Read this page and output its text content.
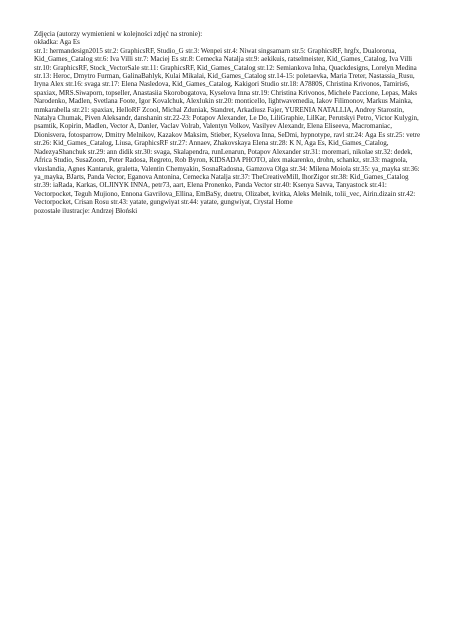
Zdjęcia (autorzy wymienieni w kolejności zdjęć na stronie):

okładka: Aga Es

str.1: hermandesign2015 str.2: GraphicsRF, Studio_G str.3: Wenpei str.4: Niwat singsamarn str.5: GraphicsRF, hrgfx, Dualororua, Kid_Games_Catalog str.6: Iva Villi str.7: Maciej Es str.8: Cemecka Natalja str.9: aekikuis, ratselmeister, Kid_Games_Catalog, Iva Villi str.10: GraphicsRF, Stock_VectorSale str.11: GraphicsRF, Kid_Games_Catalog str.12: Semiankova Inha, Quackdesigns, Lorelyn Medina str.13: Heroc, Dmytro Furman, GalinaBahlyk, Kulai Mikalai, Kid_Games_Catalog str.14-15: poletaevka, Maria Treter, Nastassia_Rusu, Iryna Alex str.16: svaga str.17: Elena Nasledova, Kid_Games_Catalog, Kakigori Studio str.18: A7880S, Christina Krivonos, Tamiris6, spaxiax, MRS.Siwaporn, topseller, Anastasiia Skorobogatova, Kyselova Inna str.19: Christina Krivonos, Michele Paccione, Lepas, Maks Narodenko, Madlen, Svetlana Foote, Igor Kovalchuk, Alexlukin str.20: monticello, lightwavemedia, Iakov Filimonov, Markus Mainka, mmkarabella str.21: spaxiax, HelloRF Zcool, Michal Zduniak, Standret, Arkadiusz Fajer, YURENIA NATALLIA, Andrey Starostin, Natalya Chumak, Piven Aleksandr, danshanin str.22-23: Potapov Alexander, Le Do, LiliGraphie, LilKar, Perutskyi Petro, Victor Kulygin, psamtik, Kopirin, Madlen, Vector A, Danler, Vaclav Volrab, Valentyn Volkov, Vasilyev Alexandr, Elena Eliseeva, Macromaniac, Dionisvera, fotosparrow, Dmitry Melnikov, Kazakov Maksim, Stieber, Kyselova Inna, SeDmi, hypnotype, ravl str.24: Aga Es str.25: vetre str.26: Kid_Games_Catalog, Liusa, GraphicsRF str.27: Annaev, Zhakovskaya Elena str.28: K N, Aga Es, Kid_Games_Catalog, NadezyaShanchuk str.29: ann didik str.30: svaga, Skalapendra, runLenarun, Potapov Alexander str.31: moremari, nikolae str.32: dedek, Africa Studio, SusaZoom, Peter Radosa, Regreto, Rob Byron, KIDSADA PHOTO, alex makarenko, drohn, schankz, str.33: magnola, vkuslandia, Agnes Kantaruk, graletta, Valentin Chemyakin, SosnaRadosna, Gamzova Olga str.34: Milena Moiola str.35: ya_mayka str.36: ya_mayka, BJarts, Panda Vector, Eganova Antonina, Cemecka Natalja str.37: TheCreativeMill, IhorZigor str.38: Kid_Games_Catalog str.39: iaRada, Karkas, OLJINYK INNA, petr73, aart, Elena Pronenko, Panda Vector str.40: Ksenya Savva, Tanyastock str.41: Vectorpocket, Teguh Mujiono, Ennona Gavrilova_Ellina, EmBaSy, duetru, Olizabet, kvitka, Aleks Melnik, tolii_vec, Airin.dizain str.42: Vectorpocket, Crisan Rosu str.43: yatate, gungwiyat str.44: yatate, gungwiyat, Crystal Home

pozostałe ilustracje: Andrzej Błoński
